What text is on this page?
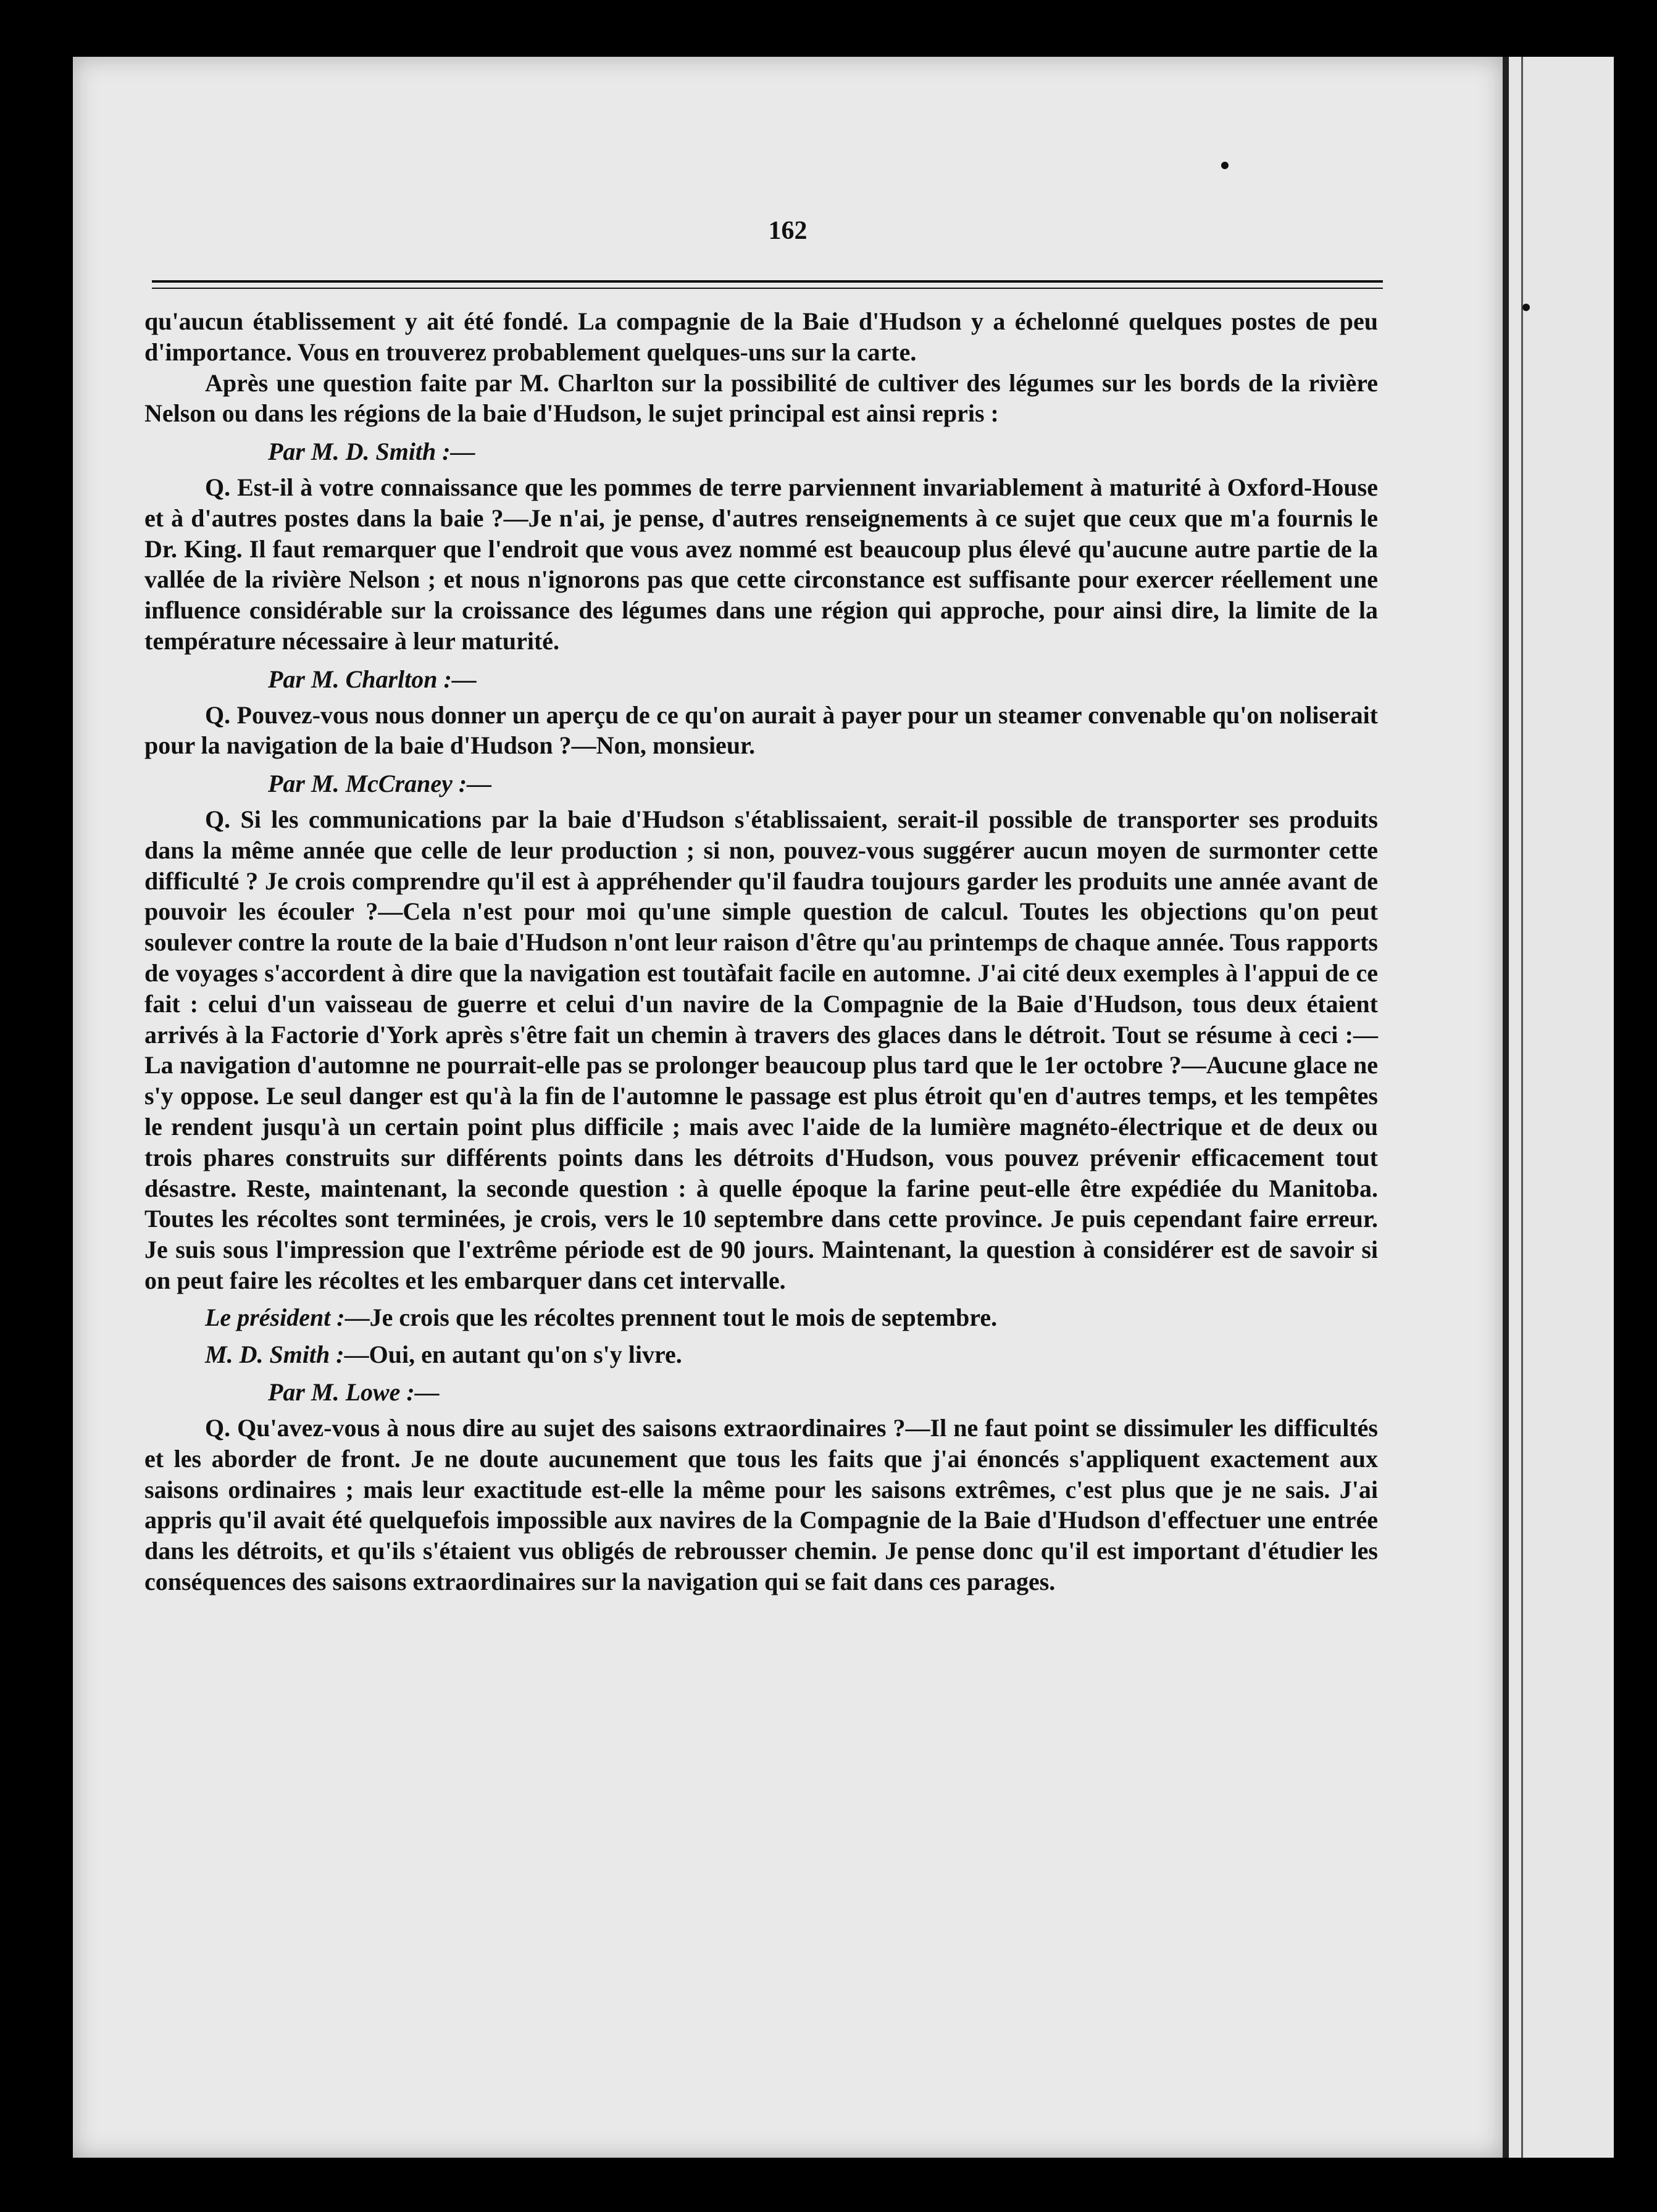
162

qu'aucun établissement y ait été fondé. La compagnie de la Baie d'Hudson y a échelonné quelques postes de peu d'importance. Vous en trouverez probablement quelques-uns sur la carte.

Après une question faite par M. Charlton sur la possibilité de cultiver des légumes sur les bords de la rivière Nelson ou dans les régions de la baie d'Hudson, le sujet principal est ainsi repris :

Par M. D. Smith :—

Q. Est-il à votre connaissance que les pommes de terre parviennent invariablement à maturité à Oxford-House et à d'autres postes dans la baie ?—Je n'ai, je pense, d'autres renseignements à ce sujet que ceux que m'a fournis le Dr. King. Il faut remarquer que l'endroit que vous avez nommé est beaucoup plus élevé qu'aucune autre partie de la vallée de la rivière Nelson ; et nous n'ignorons pas que cette circonstance est suffisante pour exercer réellement une influence considérable sur la croissance des légumes dans une région qui approche, pour ainsi dire, la limite de la température nécessaire à leur maturité.

Par M. Charlton :—

Q. Pouvez-vous nous donner un aperçu de ce qu'on aurait à payer pour un steamer convenable qu'on noliserait pour la navigation de la baie d'Hudson ?—Non, monsieur.

Par M. McCraney :—

Q. Si les communications par la baie d'Hudson s'établissaient, serait-il possible de transporter ses produits dans la même année que celle de leur production ; si non, pouvez-vous suggérer aucun moyen de surmonter cette difficulté ? Je crois comprendre qu'il est à appréhender qu'il faudra toujours garder les produits une année avant de pouvoir les écouler ?—Cela n'est pour moi qu'une simple question de calcul. Toutes les objections qu'on peut soulever contre la route de la baie d'Hudson n'ont leur raison d'être qu'au printemps de chaque année. Tous rapports de voyages s'accordent à dire que la navigation est toutàfait facile en automne. J'ai cité deux exemples à l'appui de ce fait : celui d'un vaisseau de guerre et celui d'un navire de la Compagnie de la Baie d'Hudson, tous deux étaient arrivés à la Factorie d'York après s'être fait un chemin à travers des glaces dans le détroit. Tout se résume à ceci :—La navigation d'automne ne pourrait-elle pas se prolonger beaucoup plus tard que le 1er octobre ?—Aucune glace ne s'y oppose. Le seul danger est qu'à la fin de l'automne le passage est plus étroit qu'en d'autres temps, et les tempêtes le rendent jusqu'à un certain point plus difficile ; mais avec l'aide de la lumière magnéto-électrique et de deux ou trois phares construits sur différents points dans les détroits d'Hudson, vous pouvez prévenir efficacement tout désastre. Reste, maintenant, la seconde question : à quelle époque la farine peut-elle être expédiée du Manitoba. Toutes les récoltes sont terminées, je crois, vers le 10 septembre dans cette province. Je puis cependant faire erreur. Je suis sous l'impression que l'extrême période est de 90 jours. Maintenant, la question à considérer est de savoir si on peut faire les récoltes et les embarquer dans cet intervalle.

Le président :—Je crois que les récoltes prennent tout le mois de septembre.

M. D. Smith :—Oui, en autant qu'on s'y livre.

Par M. Lowe :—

Q. Qu'avez-vous à nous dire au sujet des saisons extraordinaires ?—Il ne faut point se dissimuler les difficultés et les aborder de front. Je ne doute aucunement que tous les faits que j'ai énoncés s'appliquent exactement aux saisons ordinaires ; mais leur exactitude est-elle la même pour les saisons extrêmes, c'est plus que je ne sais. J'ai appris qu'il avait été quelquefois impossible aux navires de la Compagnie de la Baie d'Hudson d'effectuer une entrée dans les détroits, et qu'ils s'étaient vus obligés de rebrousser chemin. Je pense donc qu'il est important d'étudier les conséquences des saisons extraordinaires sur la navigation qui se fait dans ces parages.
